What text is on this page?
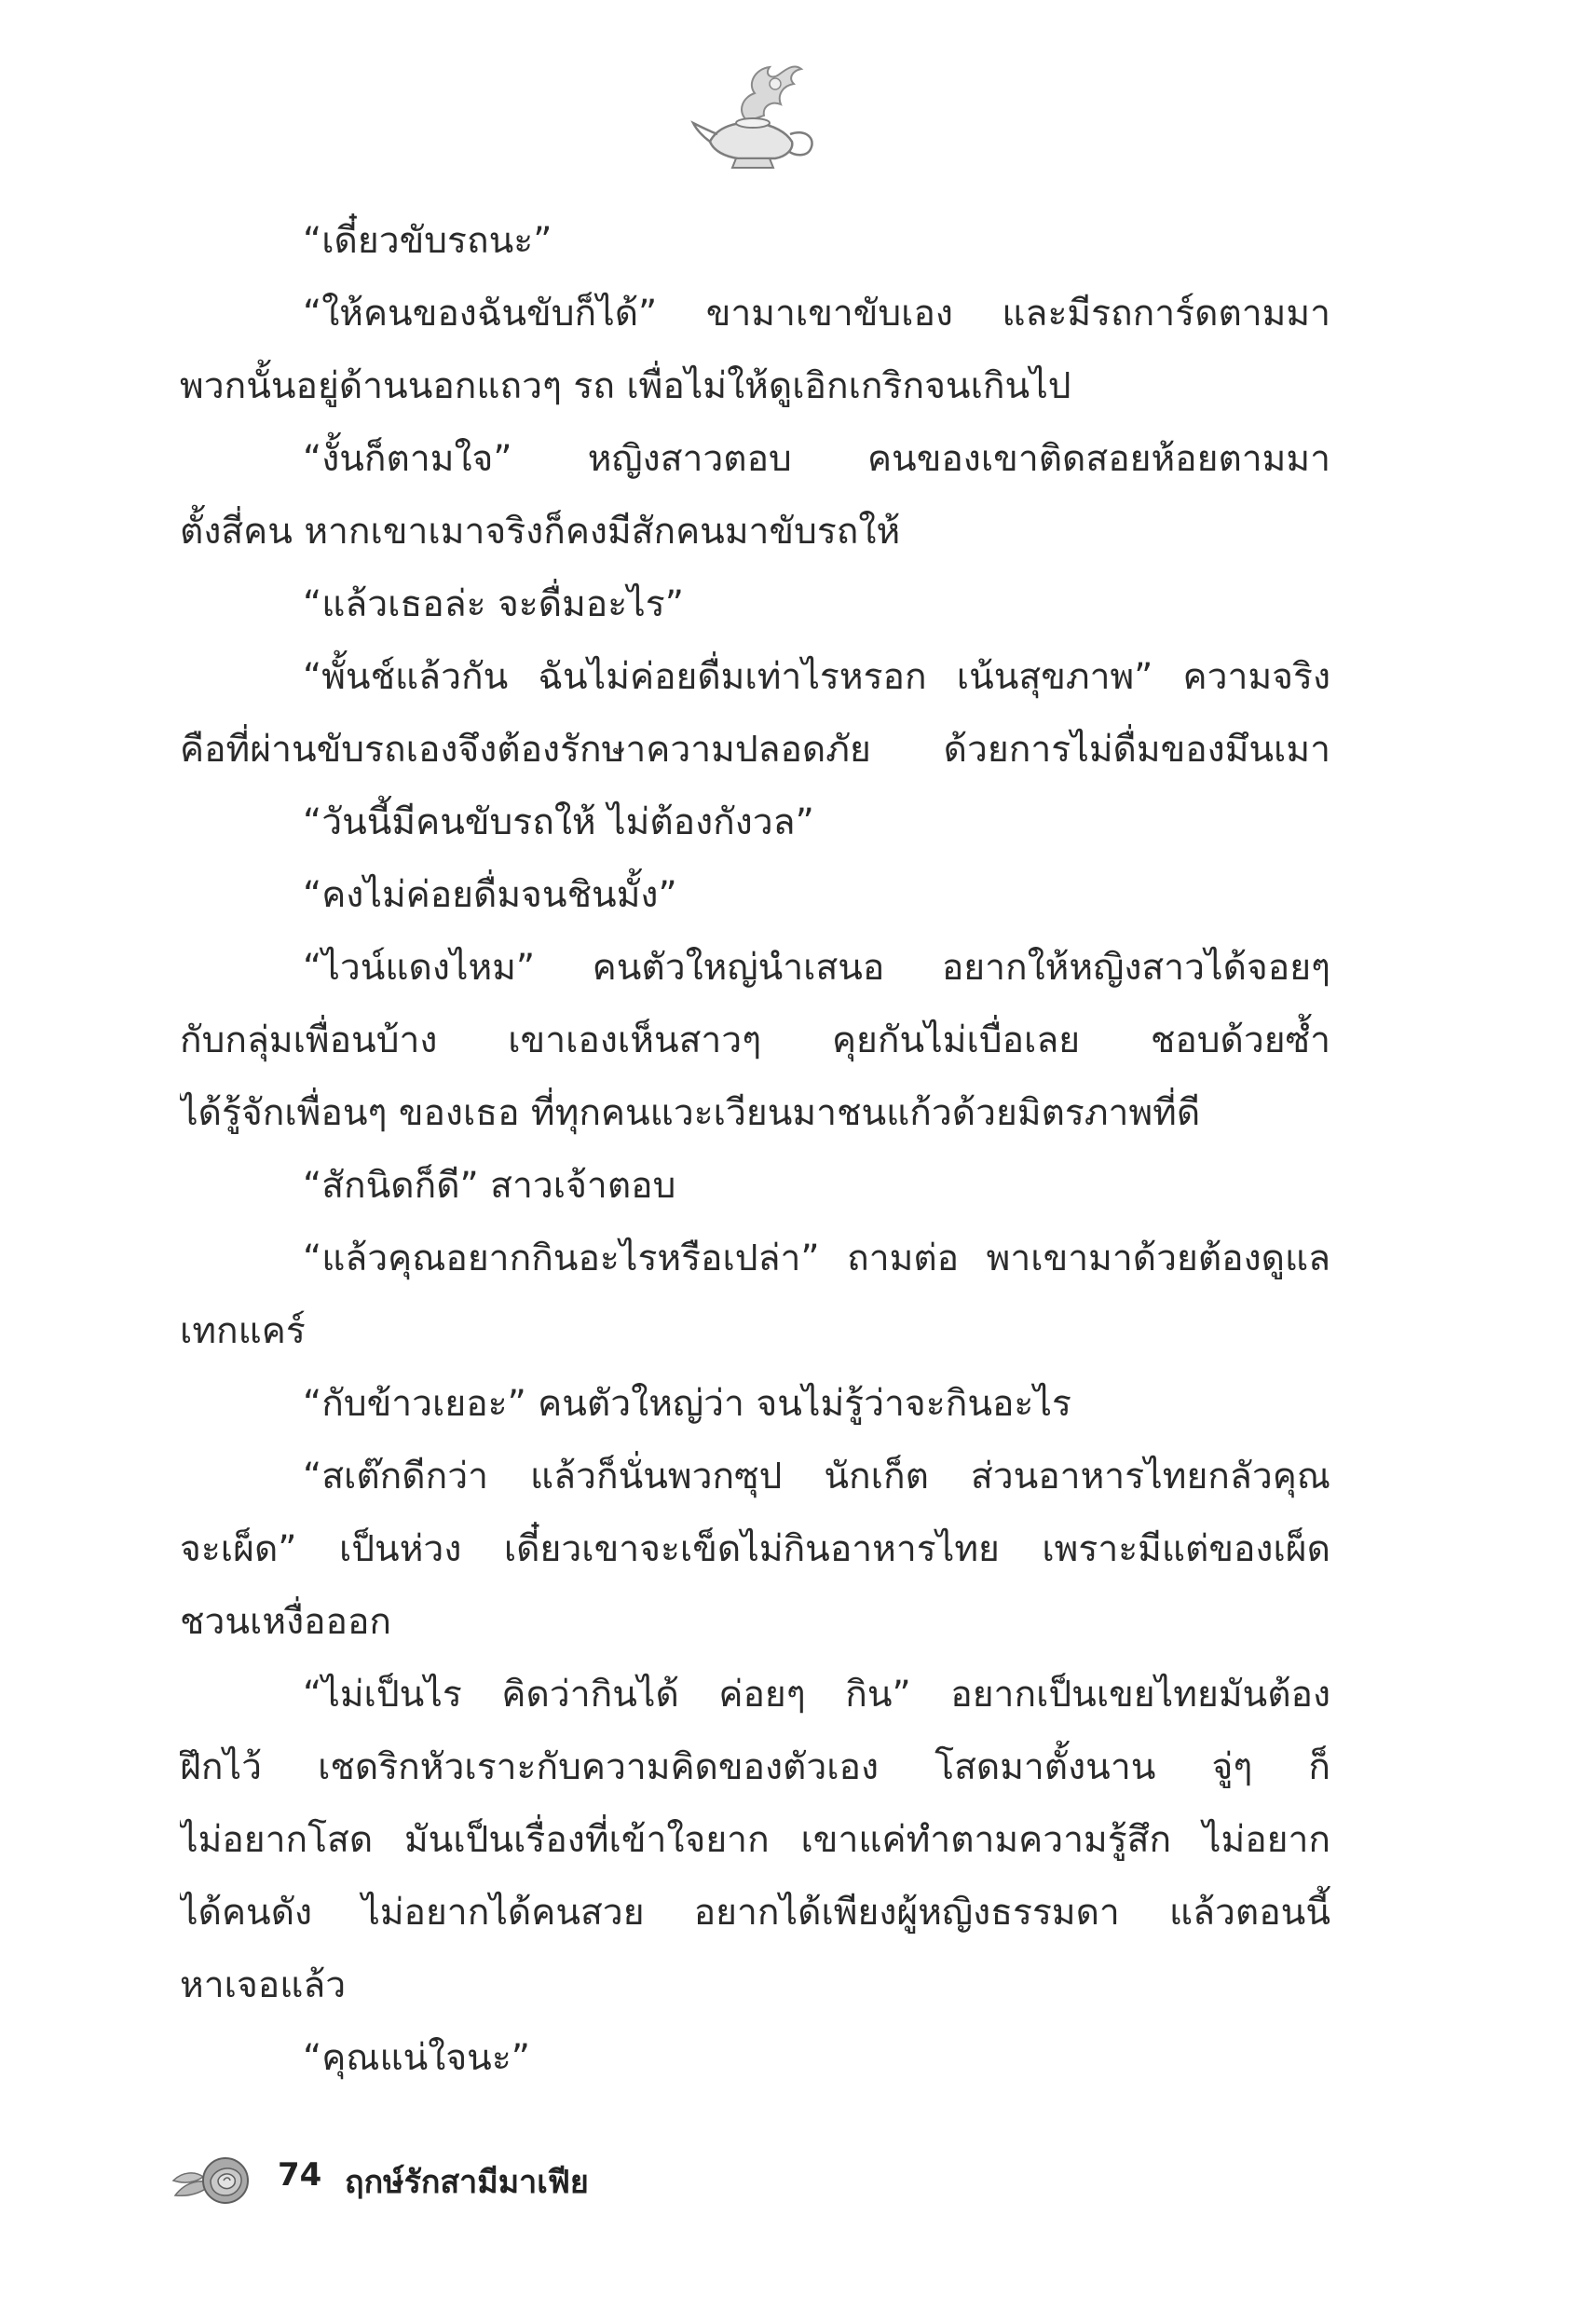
“เดี๋ยวขับรถนะ”
“ให้คนของฉันขับก็ได้” ขามาเขาขับเอง และมีรถการ์ดตามมา
พวกนั้นอยู่ด้านนอกแถวๆ รถ เพื่อไม่ให้ดูเอิกเกริกจนเกินไป
“งั้นก็ตามใจ” หญิงสาวตอบ คนของเขาติดสอยห้อยตามมา
ตั้งสี่คน หากเขาเมาจริงก็คงมีสักคนมาขับรถให้
“แล้วเธอล่ะ จะดื่มอะไร”
“พั้นช์แล้วกัน ฉันไม่ค่อยดื่มเท่าไรหรอก เน้นสุขภาพ” ความจริง
คือที่ผ่านขับรถเองจึงต้องรักษาความปลอดภัย ด้วยการไม่ดื่มของมึนเมา
“วันนี้มีคนขับรถให้ ไม่ต้องกังวล”
“คงไม่ค่อยดื่มจนชินมั้ง”
“ไวน์แดงไหม” คนตัวใหญ่นำเสนอ อยากให้หญิงสาวได้จอยๆ
กับกลุ่มเพื่อนบ้าง เขาเองเห็นสาวๆ คุยกันไม่เบื่อเลย ชอบด้วยซ้ำ
ได้รู้จักเพื่อนๆ ของเธอ ที่ทุกคนแวะเวียนมาชนแก้วด้วยมิตรภาพที่ดี
“สักนิดก็ดี” สาวเจ้าตอบ
“แล้วคุณอยากกินอะไรหรือเปล่า” ถามต่อ พาเขามาด้วยต้องดูแล
เทกแคร์
“กับข้าวเยอะ” คนตัวใหญ่ว่า จนไม่รู้ว่าจะกินอะไร
“สเต๊กดีกว่า แล้วก็นั่นพวกซุป นักเก็ต ส่วนอาหารไทยกลัวคุณ
จะเผ็ด” เป็นห่วง เดี๋ยวเขาจะเข็ดไม่กินอาหารไทย เพราะมีแต่ของเผ็ด
ชวนเหงื่อออก
“ไม่เป็นไร คิดว่ากินได้ ค่อยๆ กิน” อยากเป็นเขยไทยมันต้อง
ฝึกไว้ เชดริกหัวเราะกับความคิดของตัวเอง โสดมาตั้งนาน จู่ๆ ก็
ไม่อยากโสด มันเป็นเรื่องที่เข้าใจยาก เขาแค่ทำตามความรู้สึก ไม่อยาก
ได้คนดัง ไม่อยากได้คนสวย อยากได้เพียงผู้หญิงธรรมดา แล้วตอนนี้
หาเจอแล้ว
“คุณแน่ใจนะ”
74 ฤกษ์รักสามีมาเฟีย
